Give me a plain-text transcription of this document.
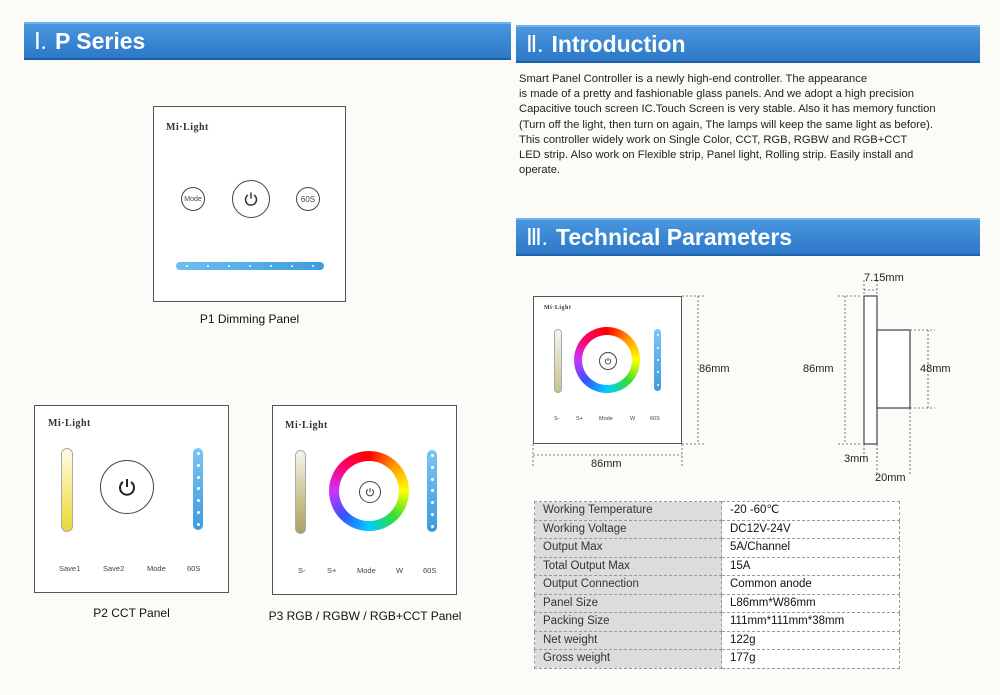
Ⅰ. P Series	Ⅱ. Introduction
Ⅲ. Technical Parameters
Mi·Light
Mode	60S
P1 Dimming Panel
Mi·Light
Save1	Save2	Mode	60S
P2 CCT Panel
Mi·Light
S-	S+	Mode	W	60S
P3 RGB / RGBW / RGB+CCT Panel
Smart Panel Controller is a newly high-end controller. The appearance
is made of a pretty and fashionable glass panels. And we adopt a high precision
Capacitive touch screen IC.Touch Screen is very stable. Also it has memory function
(Turn off the light, then turn on again, The lamps will keep the same light as before).
This controller widely work on Single Color, CCT, RGB, RGBW and RGB+CCT
LED strip. Also work on Flexible strip, Panel light, Rolling strip. Easily install and
operate.
Mi·Light
S-	S+	Mode	W	60S
86mm
86mm
86mm
7.15mm
48mm
3mm
20mm
Working Temperature	-20 -60℃
Working Voltage	DC12V-24V
Output Max	5A/Channel
Total Output Max	15A
Output Connection	Common anode
Panel Size	L86mm*W86mm
Packing Size	111mm*111mm*38mm
Net weight	122g
Gross weight	177g
